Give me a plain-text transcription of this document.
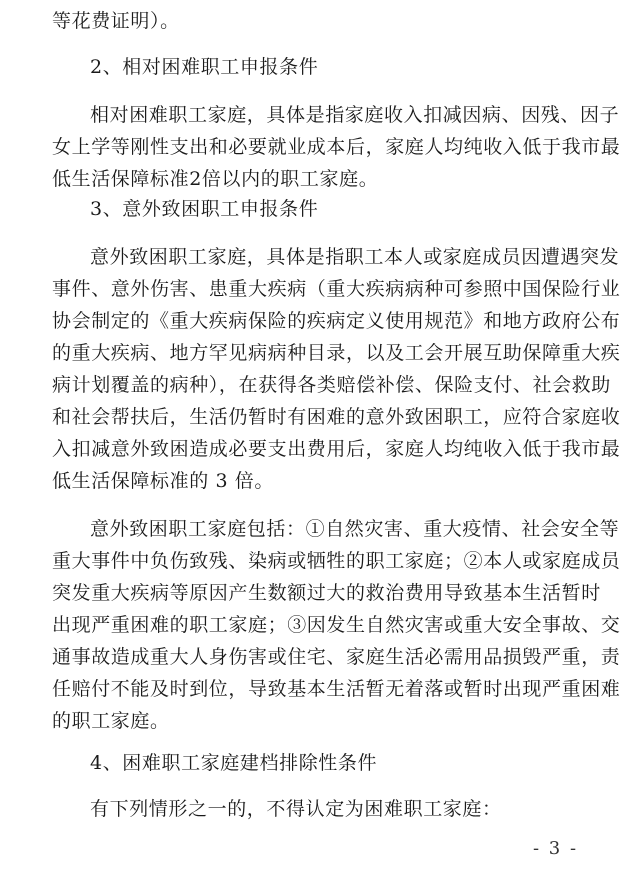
等花费证明）。
2、相对困难职工申报条件
相对困难职工家庭，具体是指家庭收入扣减因病、因残、因子
女上学等刚性支出和必要就业成本后，家庭人均纯收入低于我市最
低生活保障标准2倍以内的职工家庭。
3、意外致困职工申报条件
意外致困职工家庭，具体是指职工本人或家庭成员因遭遇突发
事件、意外伤害、患重大疾病（重大疾病病种可参照中国保险行业
协会制定的《重大疾病保险的疾病定义使用规范》和地方政府公布
的重大疾病、地方罕见病病种目录，以及工会开展互助保障重大疾
病计划覆盖的病种），在获得各类赔偿补偿、保险支付、社会救助
和社会帮扶后，生活仍暂时有困难的意外致困职工，应符合家庭收
入扣减意外致困造成必要支出费用后，家庭人均纯收入低于我市最
低生活保障标准的 3 倍。
意外致困职工家庭包括：①自然灾害、重大疫情、社会安全等
重大事件中负伤致残、染病或牺牲的职工家庭；②本人或家庭成员
突发重大疾病等原因产生数额过大的救治费用导致基本生活暂时
出现严重困难的职工家庭；③因发生自然灾害或重大安全事故、交
通事故造成重大人身伤害或住宅、家庭生活必需用品损毁严重，责
任赔付不能及时到位，导致基本生活暂无着落或暂时出现严重困难
的职工家庭。
4、困难职工家庭建档排除性条件
有下列情形之一的，不得认定为困难职工家庭：
- 3 -
